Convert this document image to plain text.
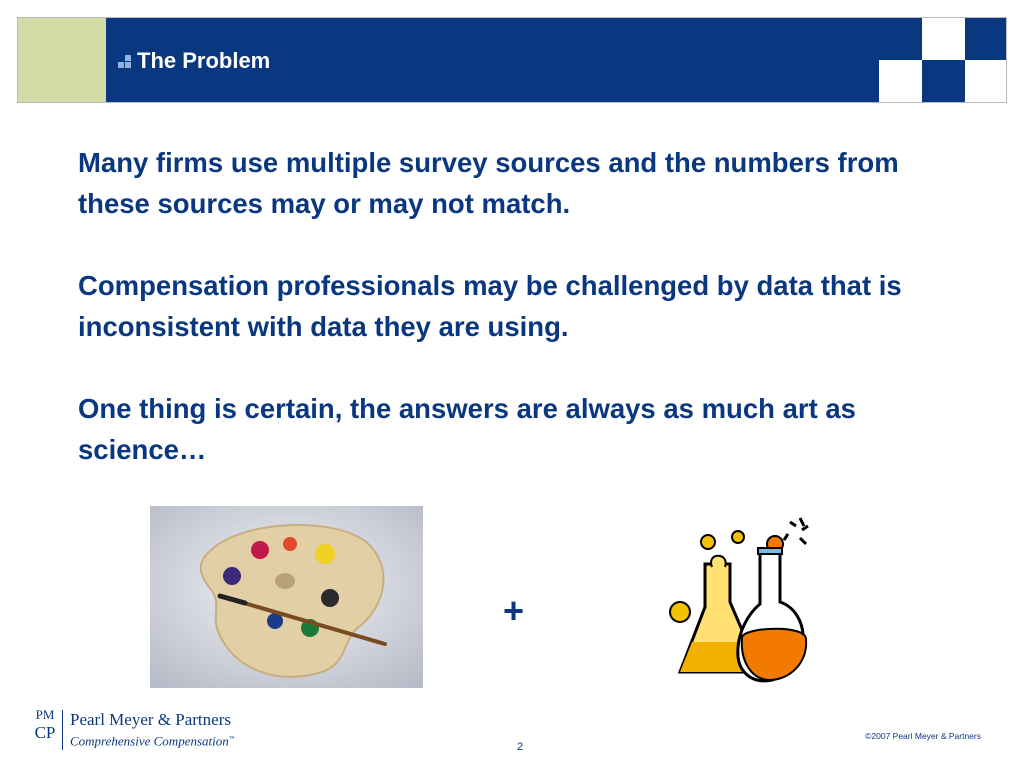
The Problem

Many firms use multiple survey sources and the numbers from these sources may or may not match.

Compensation professionals may be challenged by data that is inconsistent with data they are using.

One thing is certain, the answers are always as much art as science…

+
PM
CP
Pearl Meyer & Partners
Comprehensive Compensation™	©2007 Pearl Meyer & Partners
2
